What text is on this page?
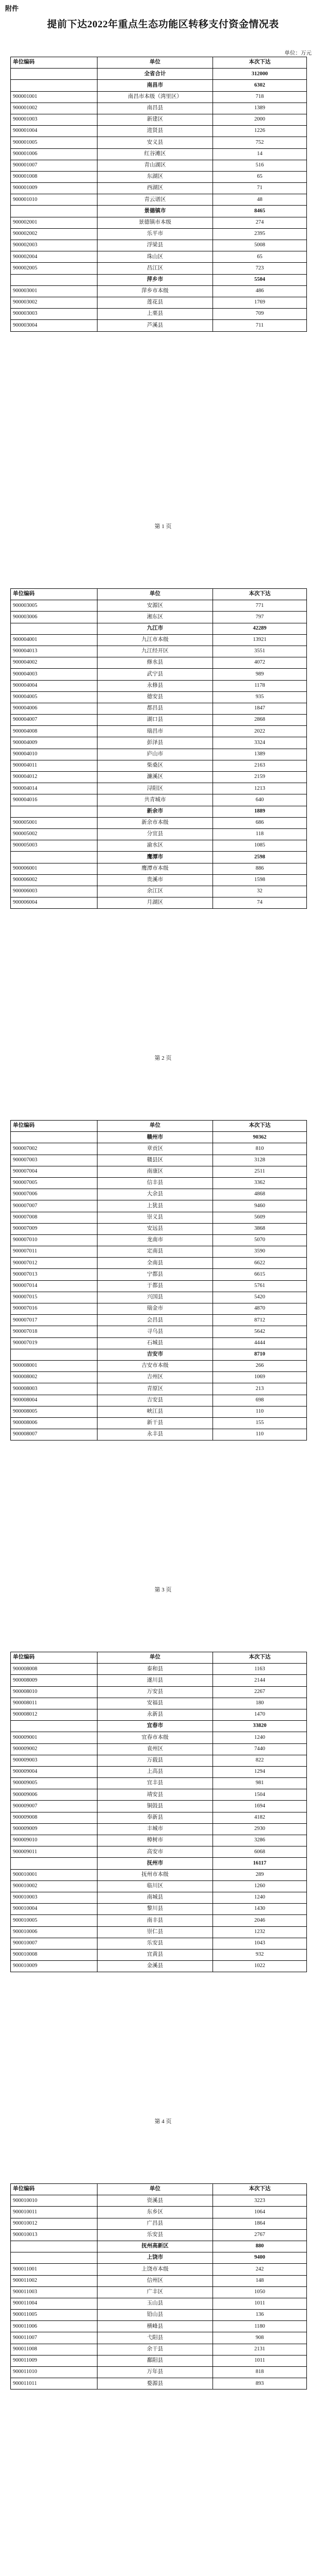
附件
提前下达2022年重点生态功能区转移支付资金情况表
单位：万元
单位编码	单位	本次下达
	全省合计	312000
	南昌市	6302
900001001	南昌市本级（湾里区）	718
900001002	南昌县	1389
900001003	新建区	2000
900001004	进贤县	1226
900001005	安义县	752
900001006	红谷滩区	14
900001007	青山湖区	516
900001008	东湖区	65
900001009	西湖区	71
900001010	青云谱区	48
	景德镇市	8465
900002001	景德镇市本级	274
900002002	乐平市	2395
900002003	浮梁县	5008
900002004	珠山区	65
900002005	昌江区	723
	萍乡市	5504
900003001	萍乡市本级	486
900003002	莲花县	1769
900003003	上栗县	709
900003004	芦溪县	711
第 1 页
单位编码	单位	本次下达
900003005	安源区	771
900003006	湘东区	797
	九江市	42289
900004001	九江市本级	13921
900004013	九江经开区	3551
900004002	修水县	4072
900004003	武宁县	989
900004004	永修县	1178
900004005	德安县	935
900004006	都昌县	1847
900004007	湖口县	2868
900004008	瑞昌市	2022
900004009	彭泽县	3324
900004010	庐山市	1389
900004011	柴桑区	2163
900004012	濂溪区	2159
900004014	浔阳区	1213
900004016	共青城市	640
	新余市	1889
900005001	新余市本级	686
900005002	分宜县	118
900005003	渝水区	1085
	鹰潭市	2598
900006001	鹰潭市本级	886
900006002	贵溪市	1598
900006003	余江区	32
900006004	月湖区	74
第 2 页
单位编码	单位	本次下达
	赣州市	90362
900007002	章贡区	810
900007003	赣县区	3128
900007004	南康区	2511
900007005	信丰县	3362
900007006	大余县	4868
900007007	上犹县	9460
900007008	崇义县	5609
900007009	安远县	3868
900007010	龙南市	5070
900007011	定南县	3590
900007012	全南县	6622
900007013	宁都县	6615
900007014	于都县	5761
900007015	兴国县	5420
900007016	瑞金市	4870
900007017	会昌县	8712
900007018	寻乌县	5642
900007019	石城县	4444
	吉安市	8710
900008001	吉安市本级	266
900008002	吉州区	1069
900008003	青原区	213
900008004	吉安县	698
900008005	峡江县	110
900008006	新干县	155
900008007	永丰县	110
第 3 页
单位编码	单位	本次下达
900008008	泰和县	1163
900008009	遂川县	2144
900008010	万安县	2267
900008011	安福县	180
900008012	永新县	1470
	宜春市	33820
900009001	宜春市本级	1240
900009002	袁州区	7440
900009003	万载县	822
900009004	上高县	1294
900009005	宜丰县	981
900009006	靖安县	1504
900009007	铜鼓县	1694
900009008	奉新县	4182
900009009	丰城市	2930
900009010	樟树市	3286
900009011	高安市	6068
	抚州市	16117
900010001	抚州市本级	289
900010002	临川区	1260
900010003	南城县	1240
900010004	黎川县	1430
900010005	南丰县	2046
900010006	崇仁县	1232
900010007	乐安县	1043
900010008	宜黄县	932
900010009	金溪县	1022
第 4 页
单位编码	单位	本次下达
900010010	资溪县	3223
900010011	东乡区	1064
900010012	广昌县	1864
900010013	乐安县	2767
	抚州高新区	880
	上饶市	9400
900011001	上饶市本级	242
900011002	信州区	148
900011003	广丰区	1050
900011004	玉山县	1011
900011005	铅山县	136
900011006	横峰县	1180
900011007	弋阳县	908
900011008	余干县	2131
900011009	鄱阳县	1011
900011010	万年县	818
900011011	婺源县	893
